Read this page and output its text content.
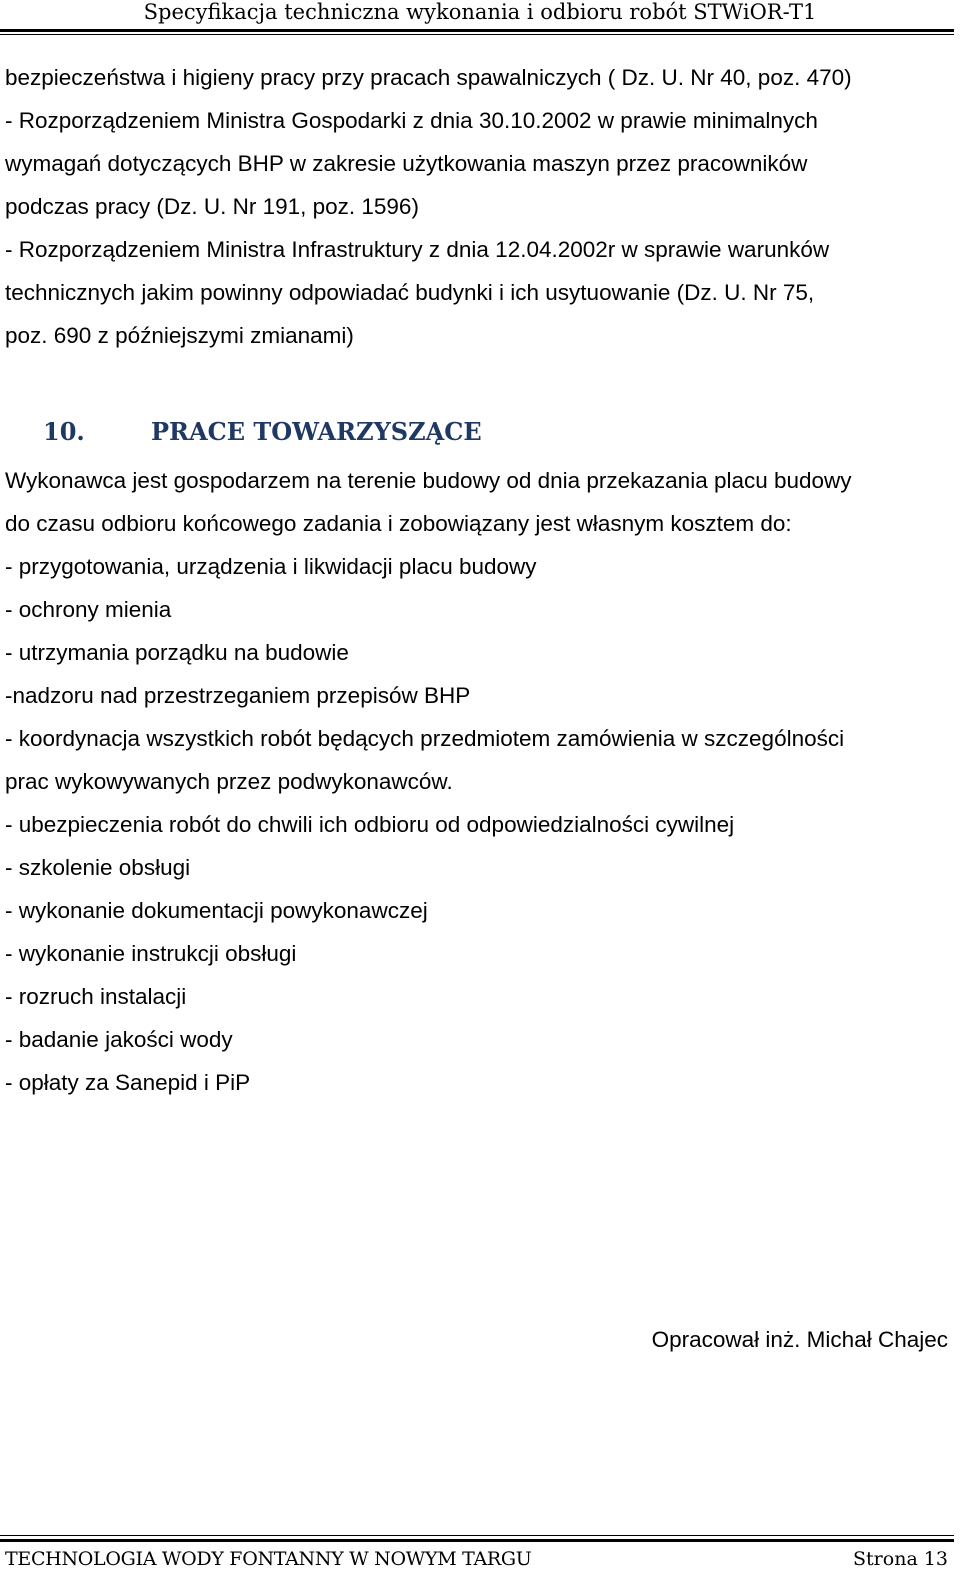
Specyfikacja techniczna wykonania i odbioru robót STWiOR-T1

bezpieczeństwa i higieny pracy przy pracach spawalniczych ( Dz. U. Nr 40, poz. 470)

- Rozporządzeniem Ministra Gospodarki z dnia 30.10.2002 w prawie minimalnych

wymagań dotyczących BHP w zakresie użytkowania maszyn przez pracowników

podczas pracy (Dz. U. Nr 191, poz. 1596)

- Rozporządzeniem Ministra Infrastruktury z dnia 12.04.2002r w sprawie warunków

technicznych jakim powinny odpowiadać budynki i ich usytuowanie (Dz. U. Nr 75,

poz. 690 z późniejszymi zmianami)

10.	PRACE TOWARZYSZĄCE

Wykonawca jest gospodarzem na terenie budowy od dnia przekazania placu budowy

do czasu odbioru końcowego zadania i zobowiązany jest własnym kosztem do:

- przygotowania, urządzenia i likwidacji placu budowy

- ochrony mienia

- utrzymania porządku na budowie

-nadzoru nad przestrzeganiem przepisów BHP

- koordynacja wszystkich robót będących przedmiotem zamówienia w szczególności

prac wykowywanych przez podwykonawców.

- ubezpieczenia robót do chwili ich odbioru od odpowiedzialności cywilnej

- szkolenie obsługi

- wykonanie dokumentacji powykonawczej

- wykonanie instrukcji obsługi

- rozruch instalacji

- badanie jakości wody

- opłaty za Sanepid i PiP

Opracował inż. Michał Chajec
TECHNOLOGIA WODY FONTANNY W NOWYM TARGU	Strona 13
